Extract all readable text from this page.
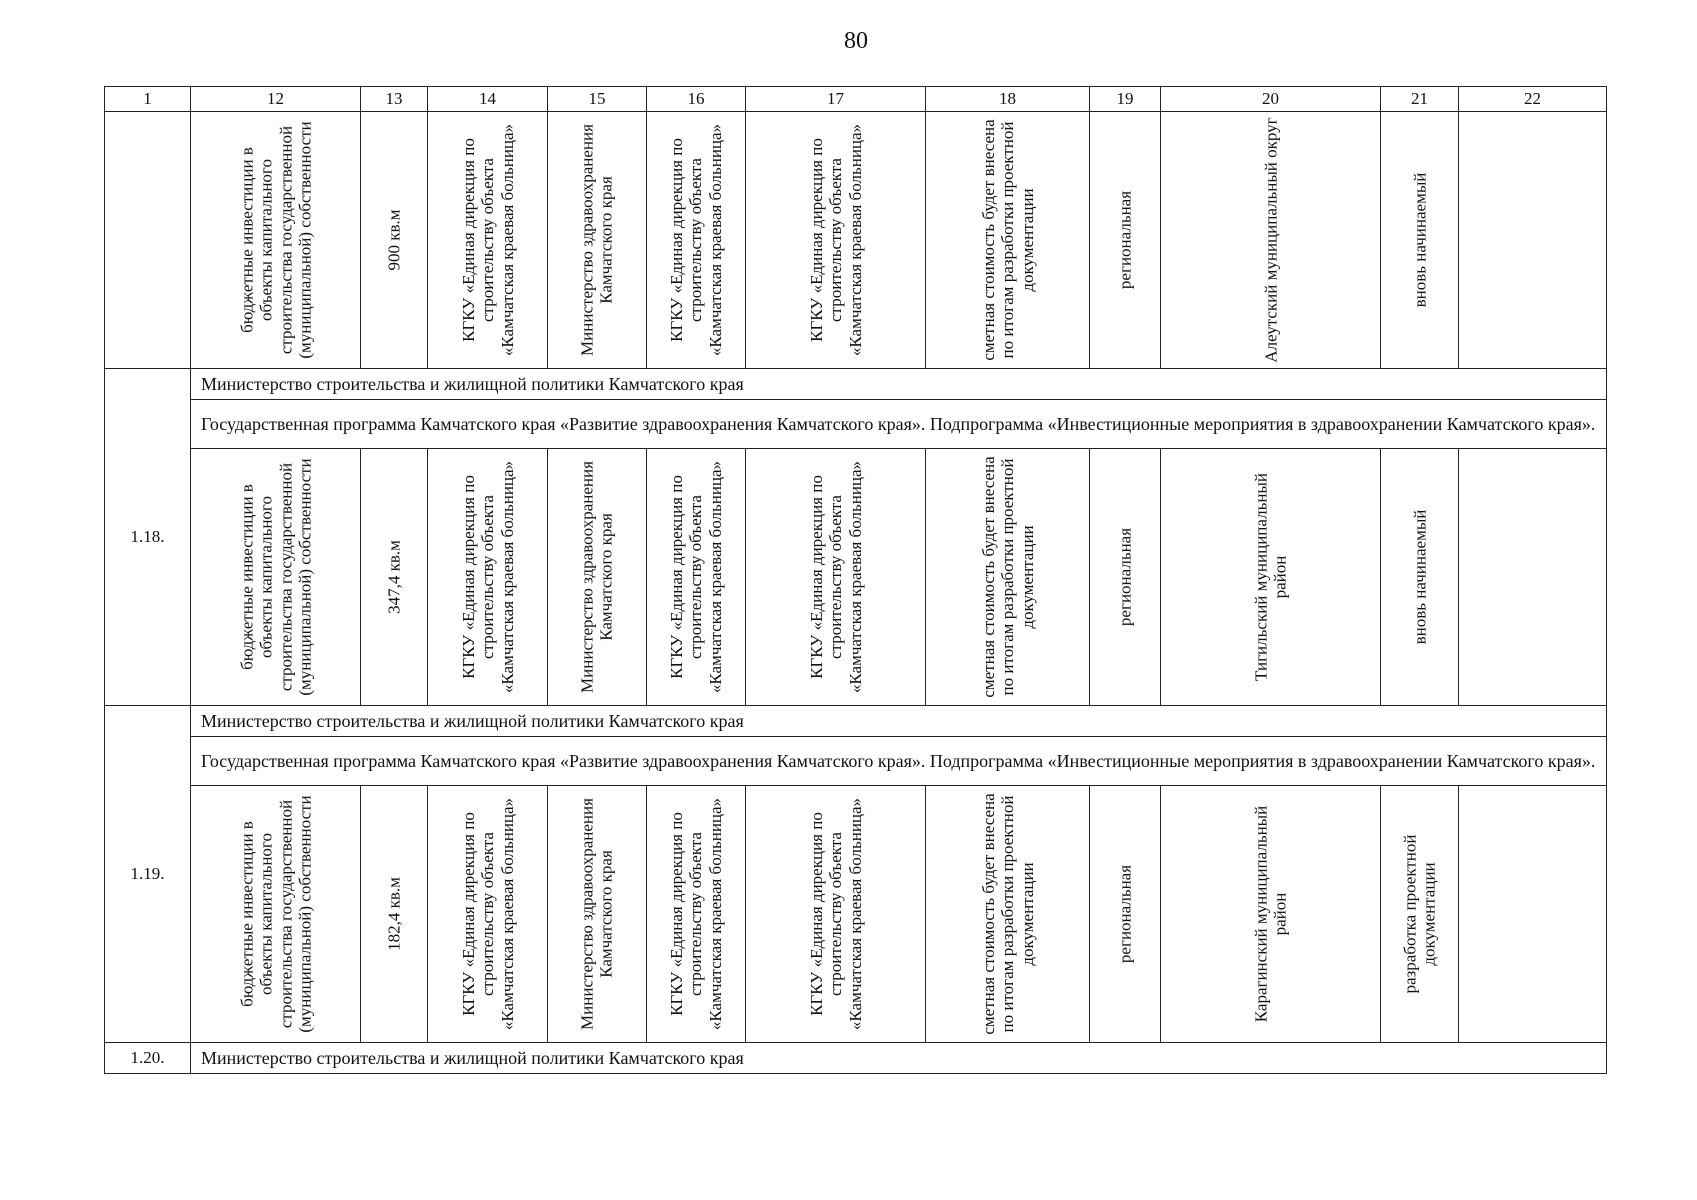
80
1	12	13	14	15	16	17	18	19	20	21	22

	бюджетные инвестиции в объекты капитального строительства государственной (муниципальной) собственности	900 кв.м	КГКУ «Единая дирекция по строительству объекта «Камчатская краевая больница»	Министерство здравоохранения Камчатского края	КГКУ «Единая дирекция по строительству объекта «Камчатская краевая больница»	КГКУ «Единая дирекция по строительству объекта «Камчатская краевая больница»	сметная стоимость будет внесена по итогам разработки проектной документации	региональная	Алеутский муниципальный округ	вновь начинаемый	

1.18.	Министерство строительства и жилищной политики Камчатского края										
	Государственная программа Камчатского края «Развитие здравоохранения Камчатского края». Подпрограмма «Инвестиционные мероприятия в здравоохранении Камчатского края».										

	бюджетные инвестиции в объекты капитального строительства государственной (муниципальной) собственности	347,4 кв.м	КГКУ «Единая дирекция по строительству объекта «Камчатская краевая больница»	Министерство здравоохранения Камчатского края	КГКУ «Единая дирекция по строительству объекта «Камчатская краевая больница»	КГКУ «Единая дирекция по строительству объекта «Камчатская краевая больница»	сметная стоимость будет внесена по итогам разработки проектной документации	региональная	Тигильский муниципальный район	вновь начинаемый	

1.19.	Министерство строительства и жилищной политики Камчатского края										
	Государственная программа Камчатского края «Развитие здравоохранения Камчатского края». Подпрограмма «Инвестиционные мероприятия в здравоохранении Камчатского края».										

	бюджетные инвестиции в объекты капитального строительства государственной (муниципальной) собственности	182,4 кв.м	КГКУ «Единая дирекция по строительству объекта «Камчатская краевая больница»	Министерство здравоохранения Камчатского края	КГКУ «Единая дирекция по строительству объекта «Камчатская краевая больница»	КГКУ «Единая дирекция по строительству объекта «Камчатская краевая больница»	сметная стоимость будет внесена по итогам разработки проектной документации	региональная	Карагинский муниципальный район	разработка проектной документации	

1.20.	Министерство строительства и жилищной политики Камчатского края										
